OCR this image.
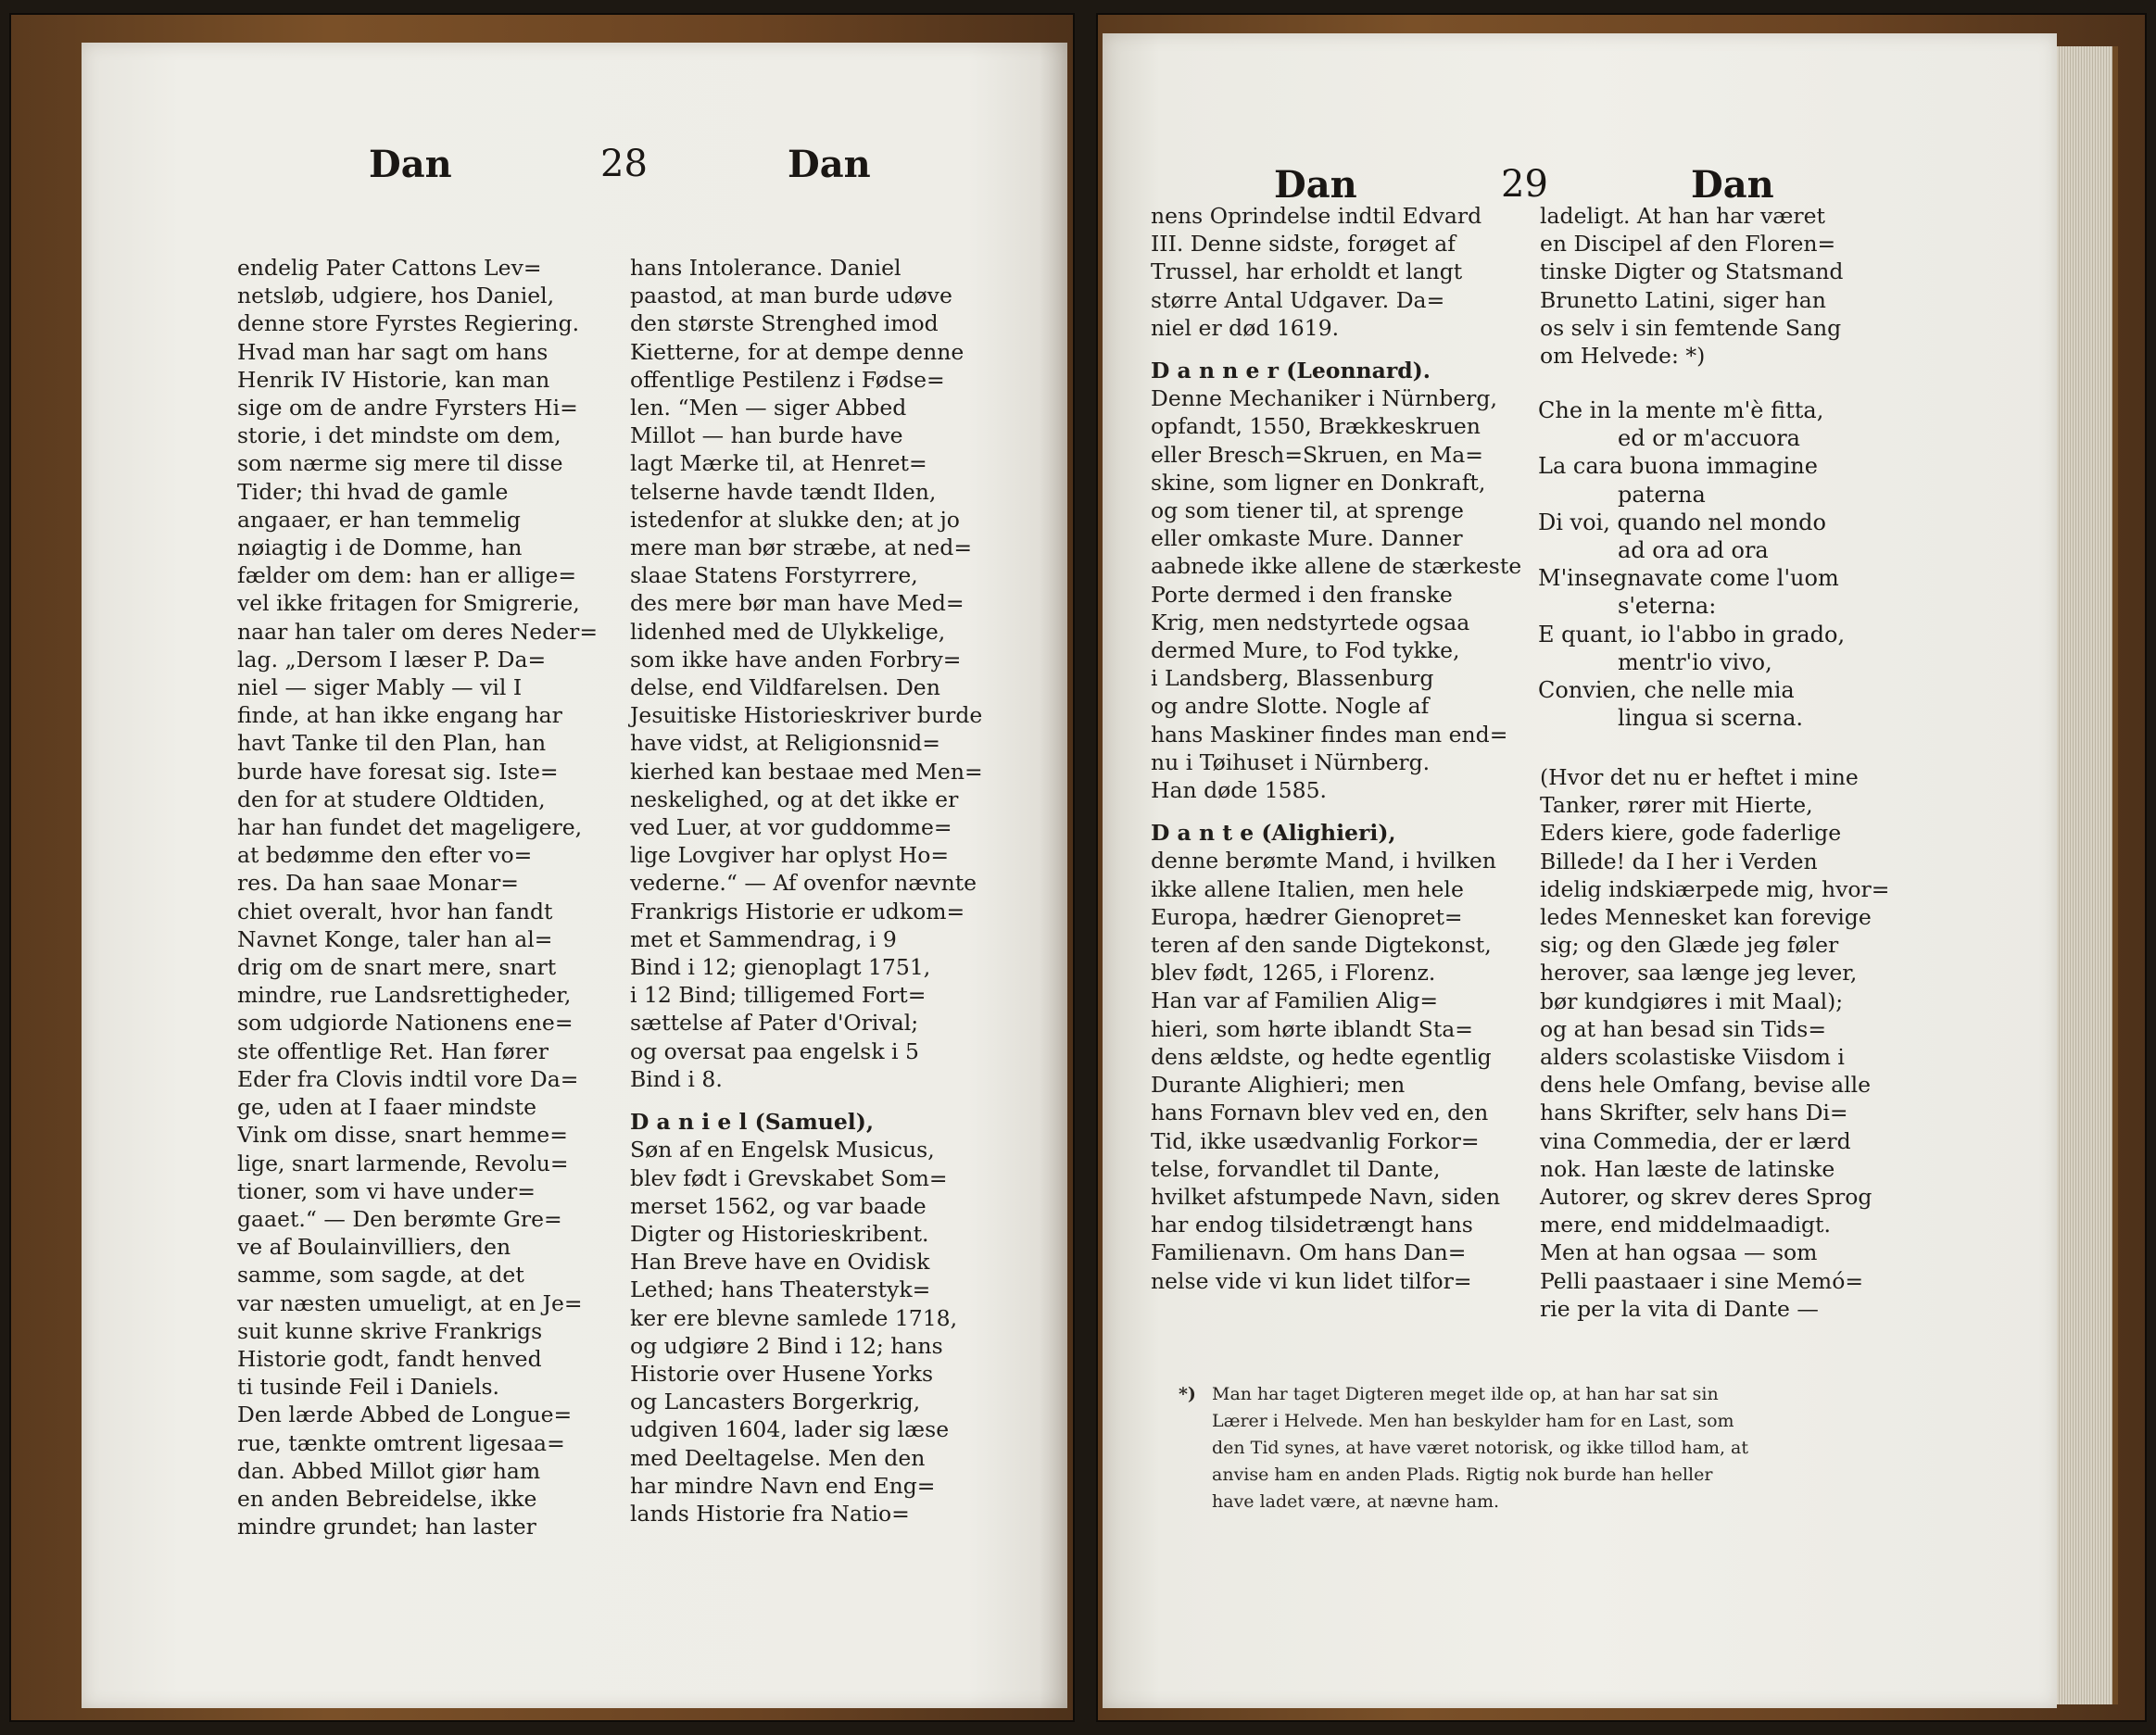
Dan	28	Dan
endelig Pater Cattons Lev=
netsløb, udgiere, hos Daniel,
denne store Fyrstes Regiering.
Hvad man har sagt om hans
Henrik IV Historie, kan man
sige om de andre Fyrsters Hi=
storie, i det mindste om dem,
som nærme sig mere til disse
Tider; thi hvad de gamle
angaaer, er han temmelig
nøiagtig i de Domme, han
fælder om dem: han er allige=
vel ikke fritagen for Smigrerie,
naar han taler om deres Neder=
lag. „Dersom I læser P. Da=
niel — siger Mably — vil I
finde, at han ikke engang har
havt Tanke til den Plan, han
burde have foresat sig. Iste=
den for at studere Oldtiden,
har han fundet det mageligere,
at bedømme den efter vo=
res. Da han saae Monar=
chiet overalt, hvor han fandt
Navnet Konge, taler han al=
drig om de snart mere, snart
mindre, rue Landsrettigheder,
som udgiorde Nationens ene=
ste offentlige Ret. Han fører
Eder fra Clovis indtil vore Da=
ge, uden at I faaer mindste
Vink om disse, snart hemme=
lige, snart larmende, Revolu=
tioner, som vi have under=
gaaet.“ — Den berømte Gre=
ve af Boulainvilliers, den
samme, som sagde, at det
var næsten umueligt, at en Je=
suit kunne skrive Frankrigs
Historie godt, fandt henved
ti tusinde Feil i Daniels.
Den lærde Abbed de Longue=
rue, tænkte omtrent ligesaa=
dan. Abbed Millot giør ham
en anden Bebreidelse, ikke
mindre grundet; han laster
hans Intolerance. Daniel
paastod, at man burde udøve
den største Strenghed imod
Kietterne, for at dempe denne
offentlige Pestilenz i Fødse=
len. “Men — siger Abbed
Millot — han burde have
lagt Mærke til, at Henret=
telserne havde tændt Ilden,
istedenfor at slukke den; at jo
mere man bør stræbe, at ned=
slaae Statens Forstyrrere,
des mere bør man have Med=
lidenhed med de Ulykkelige,
som ikke have anden Forbry=
delse, end Vildfarelsen. Den
Jesuitiske Historieskriver burde
have vidst, at Religionsnid=
kierhed kan bestaae med Men=
neskelighed, og at det ikke er
ved Luer, at vor guddomme=
lige Lovgiver har oplyst Ho=
vederne.“ — Af ovenfor nævnte
Frankrigs Historie er udkom=
met et Sammendrag, i 9
Bind i 12; gienoplagt 1751,
i 12 Bind; tilligemed Fort=
sættelse af Pater d'Orival;
og oversat paa engelsk i 5
Bind i 8.
D a n i e l (Samuel),
Søn af en Engelsk Musicus,
blev født i Grevskabet Som=
merset 1562, og var baade
Digter og Historieskribent.
Han Breve have en Ovidisk
Lethed; hans Theaterstyk=
ker ere blevne samlede 1718,
og udgiøre 2 Bind i 12; hans
Historie over Husene Yorks
og Lancasters Borgerkrig,
udgiven 1604, lader sig læse
med Deeltagelse. Men den
har mindre Navn end Eng=
lands Historie fra Natio=
Dan	29	Dan
nens Oprindelse indtil Edvard
III. Denne sidste, forøget af
Trussel, har erholdt et langt
større Antal Udgaver. Da=
niel er død 1619.
D a n n e r (Leonnard).
Denne Mechaniker i Nürnberg,
opfandt, 1550, Brækkeskruen
eller Bresch=Skruen, en Ma=
skine, som ligner en Donkraft,
og som tiener til, at sprenge
eller omkaste Mure. Danner
aabnede ikke allene de stærkeste
Porte dermed i den franske
Krig, men nedstyrtede ogsaa
dermed Mure, to Fod tykke,
i Landsberg, Blassenburg
og andre Slotte. Nogle af
hans Maskiner findes man end=
nu i Tøihuset i Nürnberg.
Han døde 1585.
D a n t e (Alighieri),
denne berømte Mand, i hvilken
ikke allene Italien, men hele
Europa, hædrer Gienopret=
teren af den sande Digtekonst,
blev født, 1265, i Florenz.
Han var af Familien Alig=
hieri, som hørte iblandt Sta=
dens ældste, og hedte egentlig
Durante Alighieri; men
hans Fornavn blev ved en, den
Tid, ikke usædvanlig Forkor=
telse, forvandlet til Dante,
hvilket afstumpede Navn, siden
har endog tilsidetrængt hans
Familienavn. Om hans Dan=
nelse vide vi kun lidet tilfor=
ladeligt. At han har været
en Discipel af den Floren=
tinske Digter og Statsmand
Brunetto Latini, siger han
os selv i sin femtende Sang
om Helvede: *)
Che in la mente m'è fitta,
ed or m'accuora
La cara buona immagine
paterna
Di voi, quando nel mondo
ad ora ad ora
M'insegnavate come l'uom
s'eterna:
E quant, io l'abbo in grado,
mentr'io vivo,
Convien, che nelle mia
lingua si scerna.
(Hvor det nu er heftet i mine
Tanker, rører mit Hierte,
Eders kiere, gode faderlige
Billede! da I her i Verden
idelig indskiærpede mig, hvor=
ledes Mennesket kan forevige
sig; og den Glæde jeg føler
herover, saa længe jeg lever,
bør kundgiøres i mit Maal);
og at han besad sin Tids=
alders scolastiske Viisdom i
dens hele Omfang, bevise alle
hans Skrifter, selv hans Di=
vina Commedia, der er lærd
nok. Han læste de latinske
Autorer, og skrev deres Sprog
mere, end middelmaadigt.
Men at han ogsaa — som
Pelli paastaaer i sine Memó=
rie per la vita di Dante —
*) Man har taget Digteren meget ilde op, at han har sat sin
Lærer i Helvede. Men han beskylder ham for en Last, som
den Tid synes, at have været notorisk, og ikke tillod ham, at
anvise ham en anden Plads. Rigtig nok burde han heller
have ladet være, at nævne ham.
